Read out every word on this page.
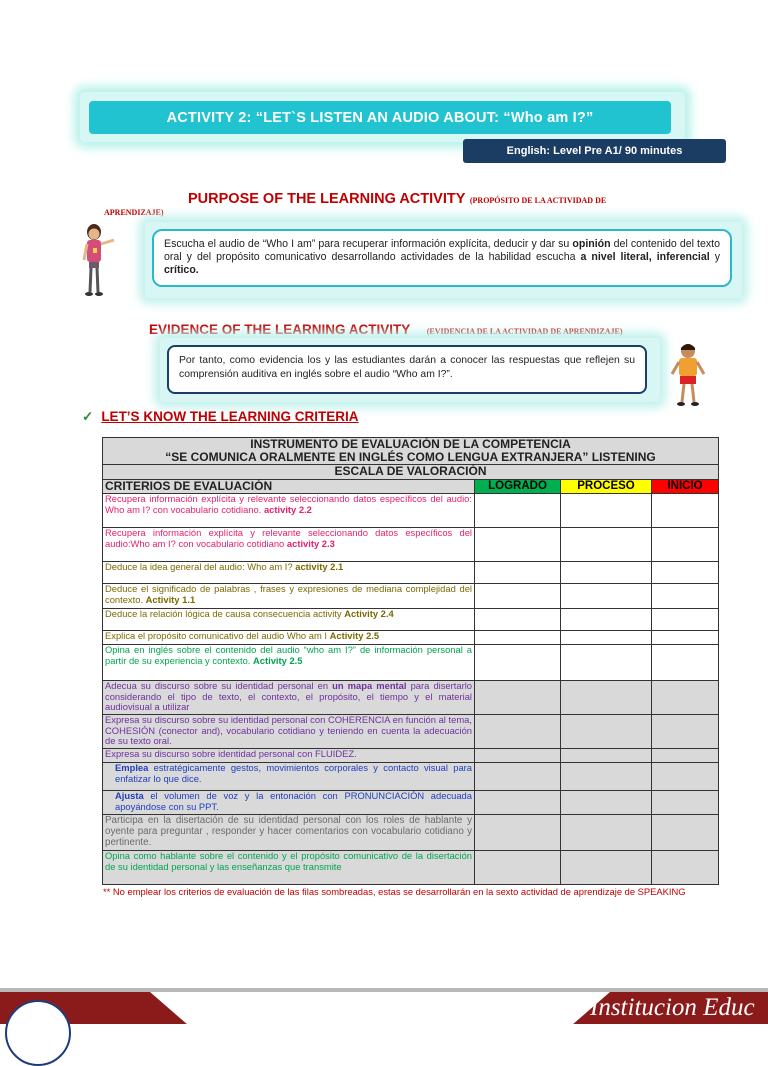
ACTIVITY 2: “LET`S LISTEN AN AUDIO ABOUT: “Who am I?”
English: Level Pre A1/ 90 minutes
PURPOSE OF THE LEARNING ACTIVITY (PROPÓSITO DE LA ACTIVIDAD DE
APRENDIZAJE)
Escucha el audio de “Who I am” para recuperar información explícita, deducir y dar su opinión del contenido del texto oral y del propósito comunicativo desarrollando actividades de la habilidad escucha a nivel literal, inferencial y crítico.
EVIDENCE OF THE LEARNING ACTIVITY (EVIDENCIA DE LA ACTIVIDAD DE APRENDIZAJE)
Por tanto, como evidencia los y las estudiantes darán a conocer las respuestas que reflejen su comprensión auditiva en inglés sobre el audio “Who am I?”.
✓ LET’S KNOW THE LEARNING CRITERIA
INSTRUMENTO DE EVALUACIÓN DE LA COMPETENCIA
“SE COMUNICA ORALMENTE EN INGLÉS COMO LENGUA EXTRANJERA” LISTENING			

ESCALA DE VALORACIÓN			
CRITERIOS DE EVALUACIÓN	LOGRADO	PROCESO	INICIO
Recupera información explícita y relevante seleccionando datos específicos del audio: Who am I? con vocabulario cotidiano. activity 2.2			
Recupera información explícita y relevante seleccionando datos específicos del audio:Who am I? con vocabulario cotidiano activity 2.3			
Deduce la idea general del audio: Who am I? activity 2.1			
Deduce el significado de palabras , frases y expresiones de mediana complejidad del contexto. Activity 1.1			
Deduce la relación lógica de causa consecuencia activity Activity 2.4			
Explica el propósito comunicativo del audio Who am I Activity 2.5			
Opina en inglés sobre el contenido del audio “who am I?” de información personal a partir de su experiencia y contexto. Activity 2.5			
Adecua su discurso sobre su identidad personal en un mapa mental para disertarlo considerando el tipo de texto, el contexto, el propósito, el tiempo y el material audiovisual a utilizar			
Expresa su discurso sobre su identidad personal con COHERENCIA en función al tema, COHESIÓN (conector and), vocabulario cotidiano y teniendo en cuenta la adecuación de su texto oral.			
Expresa su discurso sobre identidad personal con FLUIDEZ.			
Emplea estratégicamente gestos, movimientos corporales y contacto visual para enfatizar lo que dice.			
Ajusta el volumen de voz y la entonación con PRONUNCIACIÓN adecuada apoyándose con su PPT.			
Participa en la disertación de su identidad personal con los roles de hablante y oyente para preguntar , responder y hacer comentarios con vocabulario cotidiano y pertinente.			
Opina como hablante sobre el contenido y el propósito comunicativo de la disertación de su identidad personal y las enseñanzas que transmite			
** No emplear los criterios de evaluación de las filas sombreadas, estas se desarrollarán en la sexto actividad de aprendizaje de SPEAKING
Institucion Educ
